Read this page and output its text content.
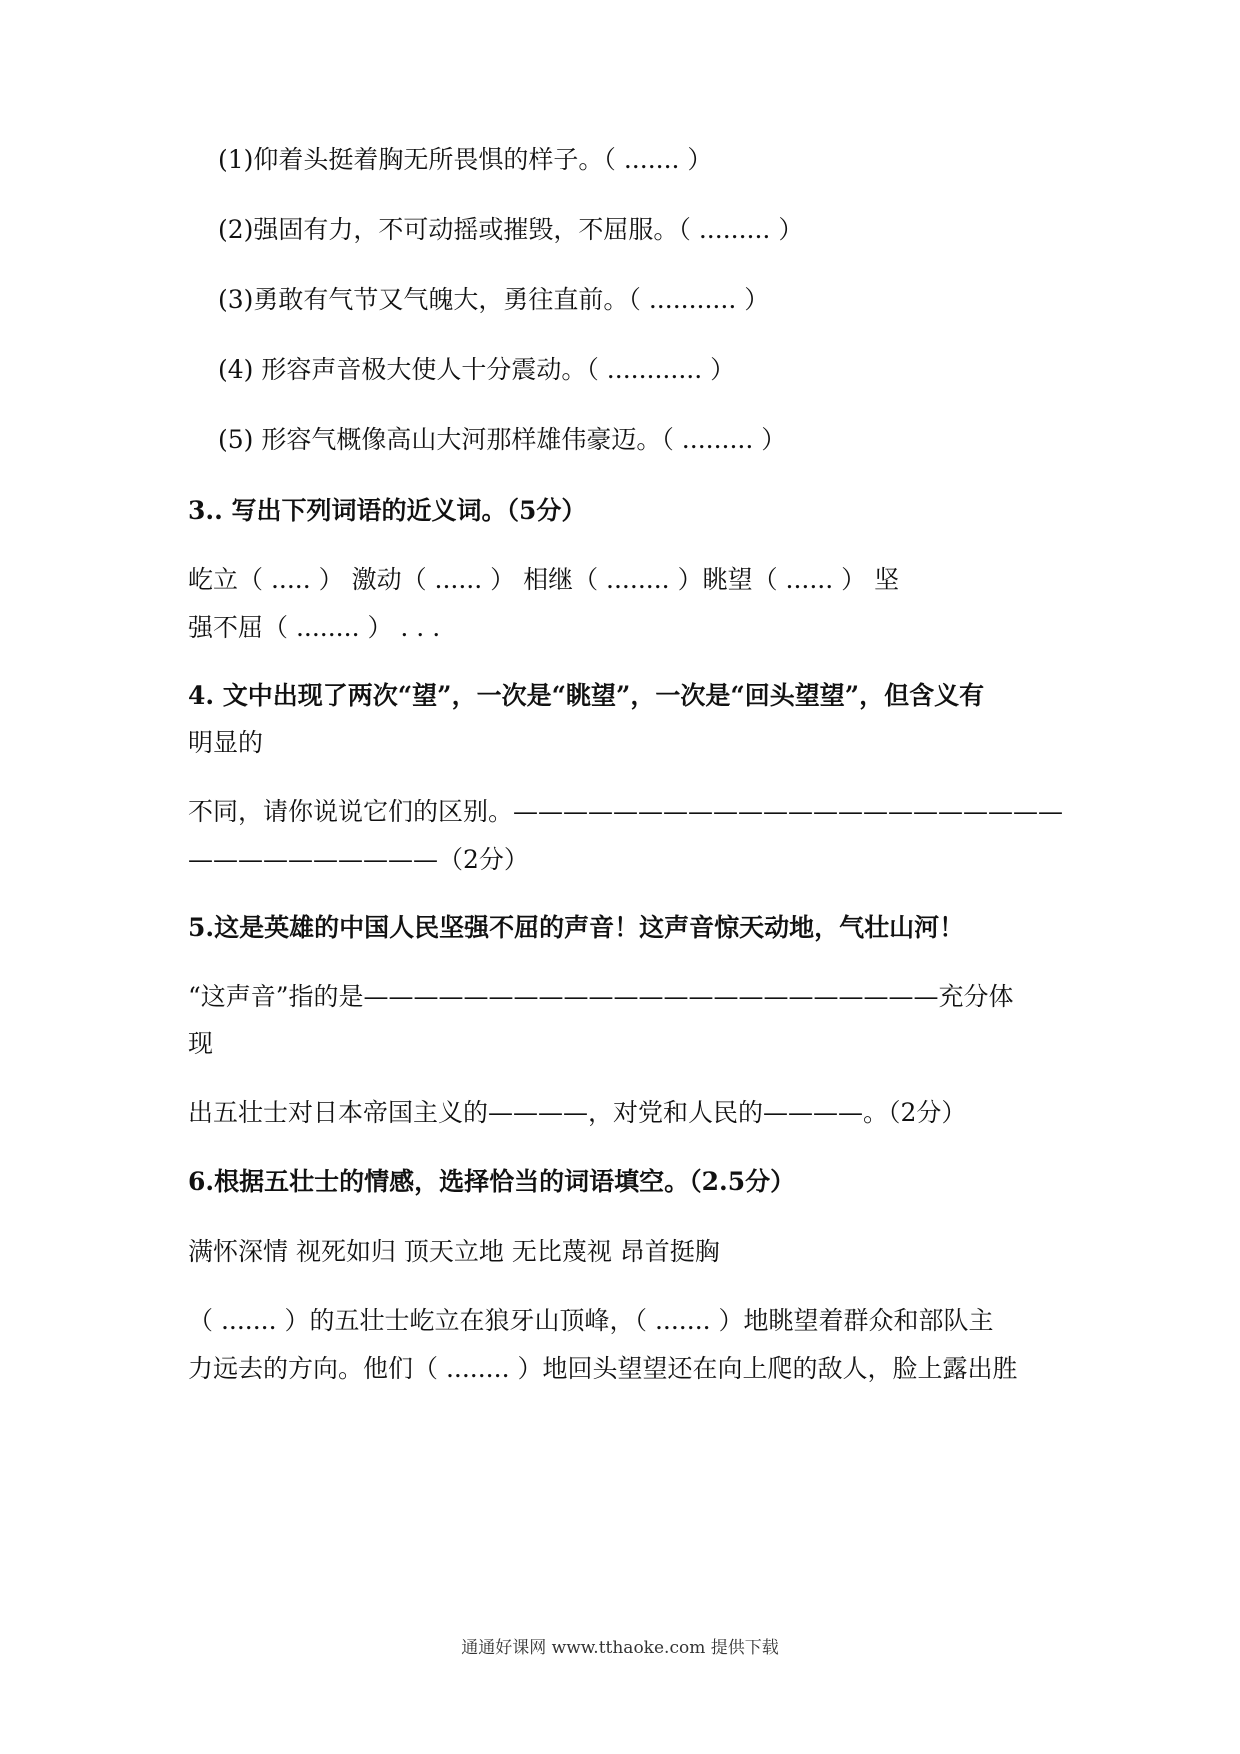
(1)仰着头挺着胸无所畏惧的样子。（ ....... ）
(2)强固有力，不可动摇或摧毁，不屈服。（ ......... ）
(3)勇敢有气节又气魄大，勇往直前。（ ........... ）
(4) 形容声音极大使人十分震动。（ ............ ）
(5) 形容气概像高山大河那样雄伟豪迈。（ ......... ）
3.. 写出下列词语的近义词。（5分）
屹立（ ..... ） 激动（ ...... ） 相继（ ........ ）眺望（ ...... ） 坚
强不屈（ ........ ） . . .
4. 文中出现了两次“望”，一次是“眺望”，一次是“回头望望”，但含义有
明显的
不同，请你说说它们的区别。——————————————————————
——————————（2分）
5.这是英雄的中国人民坚强不屈的声音！这声音惊天动地，气壮山河！
“这声音”指的是———————————————————————充分体
现
出五壮士对日本帝国主义的————，对党和人民的————。（2分）
6.根据五壮士的情感，选择恰当的词语填空。（2.5分）
满怀深情 视死如归 顶天立地 无比蔑视 昂首挺胸
（ ....... ）的五壮士屹立在狼牙山顶峰，（ ....... ）地眺望着群众和部队主
力远去的方向。他们（ ........ ）地回头望望还在向上爬的敌人，脸上露出胜
通通好课网 www.tthaoke.com 提供下载
